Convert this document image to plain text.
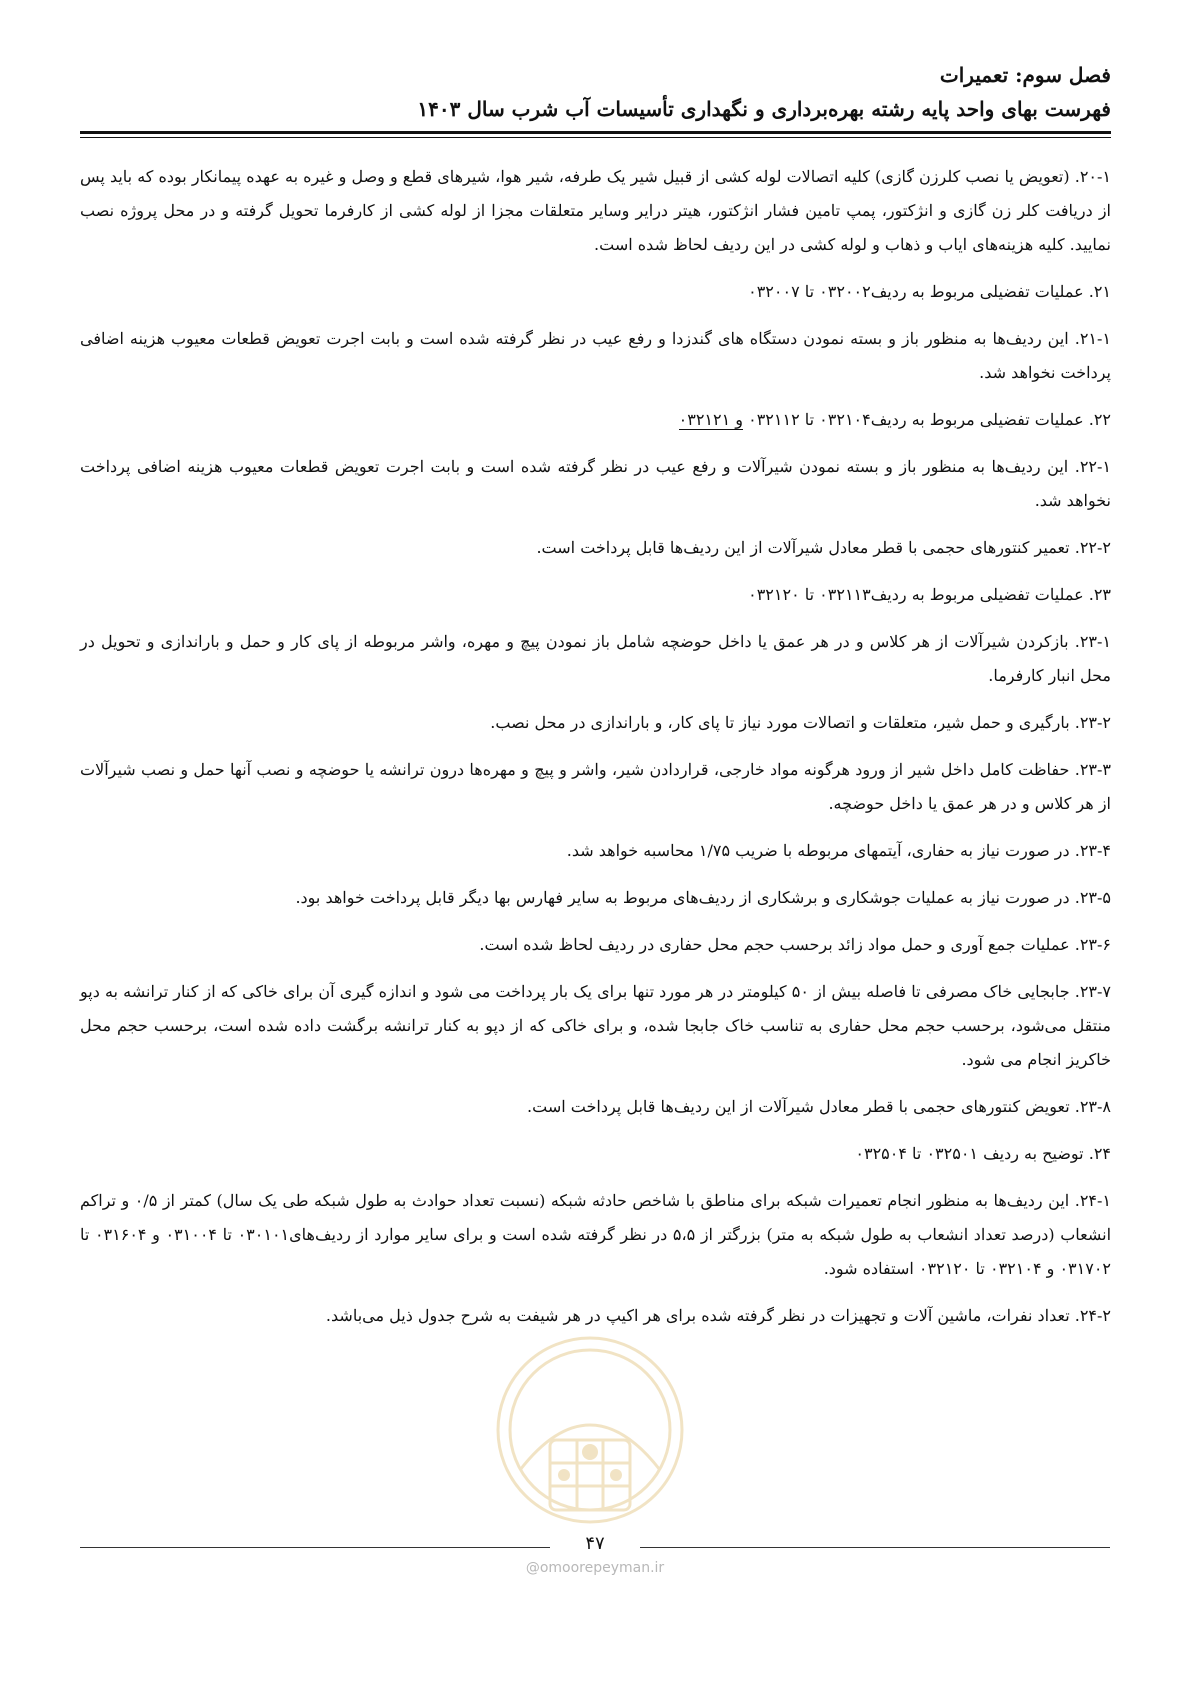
فصل سوم: تعمیرات
فهرست بهای واحد پایه رشته بهره‌برداری و نگهداری تأسیسات آب شرب سال ۱۴۰۳

۲۰-۱. (تعویض یا نصب کلرزن گازی) کلیه اتصالات لوله کشی از قبیل شیر یک طرفه، شیر هوا، شیرهای قطع و وصل و غیره به عهده پیمانکار بوده که باید پس از دریافت کلر زن گازی و انژکتور، پمپ تامین فشار انژکتور، هیتر درایر وسایر متعلقات مجزا از لوله کشی از کارفرما تحویل گرفته و در محل پروژه نصب نمایید. کلیه هزینه‌های ایاب و ذهاب و لوله کشی در این ردیف لحاظ شده است.

۲۱. عملیات تفضیلی مربوط به ردیف۰۳۲۰۰۲ تا ۰۳۲۰۰۷

۲۱-۱. این ردیف‌ها به منظور باز و بسته نمودن دستگاه های گندزدا و رفع عیب در نظر گرفته شده است و بابت اجرت تعویض قطعات معیوب هزینه اضافی پرداخت نخواهد شد.

۲۲. عملیات تفضیلی مربوط به ردیف۰۳۲۱۰۴ تا ۰۳۲۱۱۲ و ۰۳۲۱۲۱

۲۲-۱. این ردیف‌ها به منظور باز و بسته نمودن شیرآلات و رفع عیب در نظر گرفته شده است و بابت اجرت تعویض قطعات معیوب هزینه اضافی پرداخت نخواهد شد.

۲۲-۲. تعمیر کنتورهای حجمی با قطر معادل شیرآلات از این ردیف‌ها قابل پرداخت است.

۲۳. عملیات تفضیلی مربوط به ردیف۰۳۲۱۱۳ تا ۰۳۲۱۲۰

۲۳-۱. بازکردن شیرآلات از هر کلاس و در هر عمق یا داخل حوضچه شامل باز نمودن پیچ و مهره، واشر مربوطه از پای کار و حمل و باراندازی و تحویل در محل انبار کارفرما.

۲۳-۲. بارگیری و حمل شیر، متعلقات و اتصالات مورد نیاز تا پای کار، و باراندازی در محل نصب.

۲۳-۳. حفاظت کامل داخل شیر از ورود هرگونه مواد خارجی، قراردادن شیر، واشر و پیچ و مهره‌ها درون ترانشه یا حوضچه و نصب آنها حمل و نصب شیرآلات از هر کلاس و در هر عمق یا داخل حوضچه.

۲۳-۴. در صورت نیاز به حفاری، آیتمهای مربوطه با ضریب ۱/۷۵ محاسبه خواهد شد.

۲۳-۵. در صورت نیاز به عملیات جوشکاری و برشکاری از ردیف‌های مربوط به سایر فهارس بها دیگر قابل پرداخت خواهد بود.

۲۳-۶. عملیات جمع آوری و حمل مواد زائد برحسب حجم محل حفاری در ردیف لحاظ شده است.

۲۳-۷. جابجایی خاک مصرفی تا فاصله بیش از ۵۰ کیلومتر در هر مورد تنها برای یک بار پرداخت می شود و اندازه گیری آن برای خاکی که از کنار ترانشه به دپو منتقل می‌شود، برحسب حجم محل حفاری به تناسب خاک جابجا شده، و برای خاکی که از دپو به کنار ترانشه برگشت داده شده است، برحسب حجم محل خاکریز انجام می شود.

۲۳-۸. تعویض کنتورهای حجمی با قطر معادل شیرآلات از این ردیف‌ها قابل پرداخت است.

۲۴. توضیح به ردیف ۰۳۲۵۰۱ تا ۰۳۲۵۰۴

۲۴-۱. این ردیف‌ها به منظور انجام تعمیرات شبکه برای مناطق با شاخص حادثه شبکه (نسبت تعداد حوادث به طول شبکه طی یک سال) کمتر از ۰/۵ و تراکم انشعاب (درصد تعداد انشعاب به طول شبکه به متر) بزرگتر از ۵،۵ در نظر گرفته شده است و برای سایر موارد از ردیف‌های۰۳۰۱۰۱ تا ۰۳۱۰۰۴ و ۰۳۱۶۰۴ تا ۰۳۱۷۰۲ و ۰۳۲۱۰۴ تا ۰۳۲۱۲۰ استفاده شود.

۲۴-۲. تعداد نفرات، ماشین آلات و تجهیزات در نظر گرفته شده برای هر اکیپ در هر شیفت به شرح جدول ذیل می‌باشد.

۴۷
@omoorepeyman.ir
